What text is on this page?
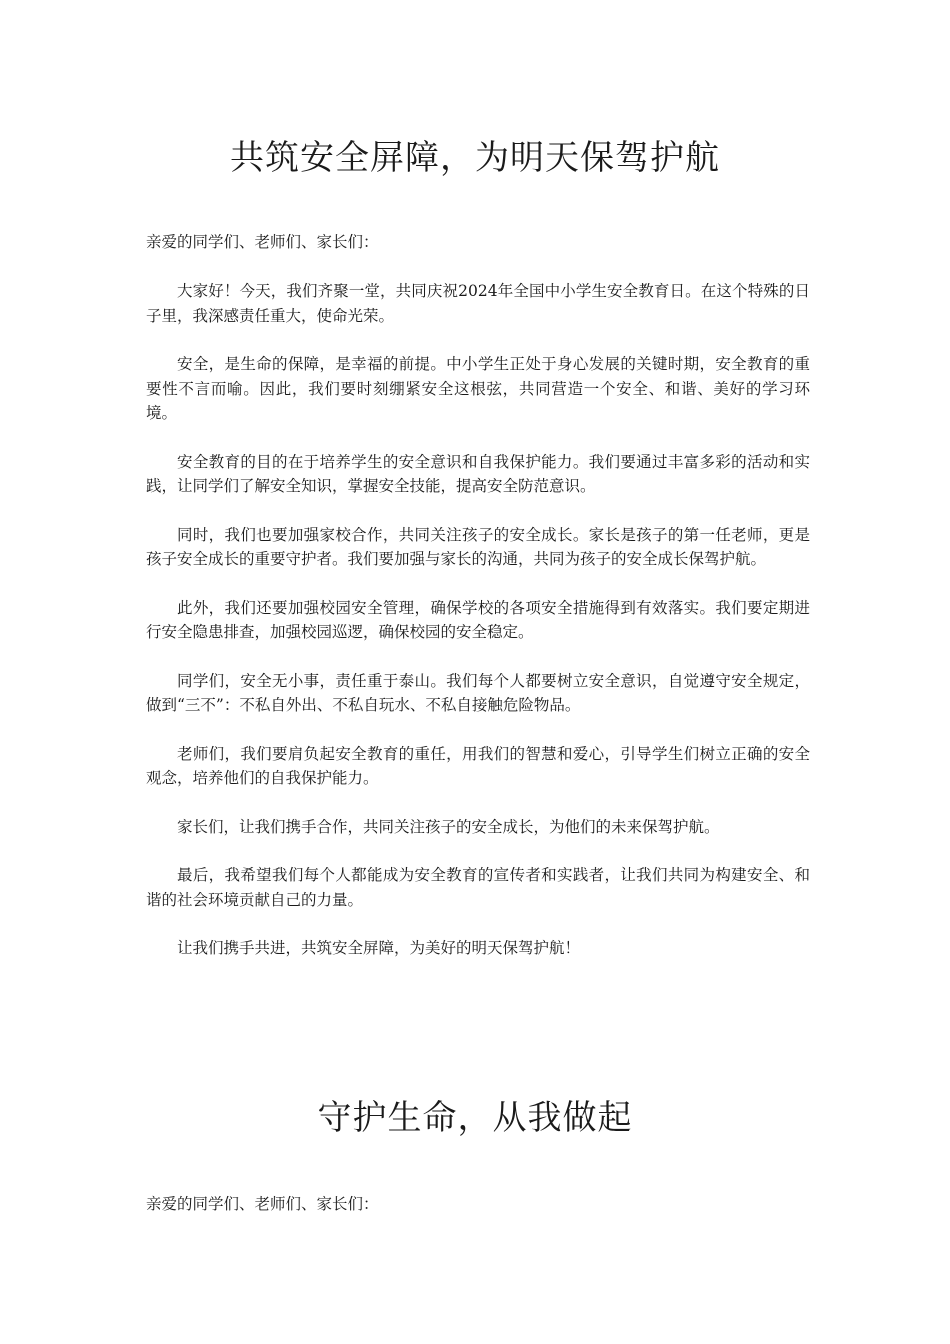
共筑安全屏障，为明天保驾护航

亲爱的同学们、老师们、家长们：

大家好！今天，我们齐聚一堂，共同庆祝2024年全国中小学生安全教育日。在这个特殊的日子里，我深感责任重大，使命光荣。

安全，是生命的保障，是幸福的前提。中小学生正处于身心发展的关键时期，安全教育的重要性不言而喻。因此，我们要时刻绷紧安全这根弦，共同营造一个安全、和谐、美好的学习环境。

安全教育的目的在于培养学生的安全意识和自我保护能力。我们要通过丰富多彩的活动和实践，让同学们了解安全知识，掌握安全技能，提高安全防范意识。

同时，我们也要加强家校合作，共同关注孩子的安全成长。家长是孩子的第一任老师，更是孩子安全成长的重要守护者。我们要加强与家长的沟通，共同为孩子的安全成长保驾护航。

此外，我们还要加强校园安全管理，确保学校的各项安全措施得到有效落实。我们要定期进行安全隐患排查，加强校园巡逻，确保校园的安全稳定。

同学们，安全无小事，责任重于泰山。我们每个人都要树立安全意识，自觉遵守安全规定，做到“三不”：不私自外出、不私自玩水、不私自接触危险物品。

老师们，我们要肩负起安全教育的重任，用我们的智慧和爱心，引导学生们树立正确的安全观念，培养他们的自我保护能力。

家长们，让我们携手合作，共同关注孩子的安全成长，为他们的未来保驾护航。

最后，我希望我们每个人都能成为安全教育的宣传者和实践者，让我们共同为构建安全、和谐的社会环境贡献自己的力量。

让我们携手共进，共筑安全屏障，为美好的明天保驾护航！

守护生命，从我做起

亲爱的同学们、老师们、家长们：
